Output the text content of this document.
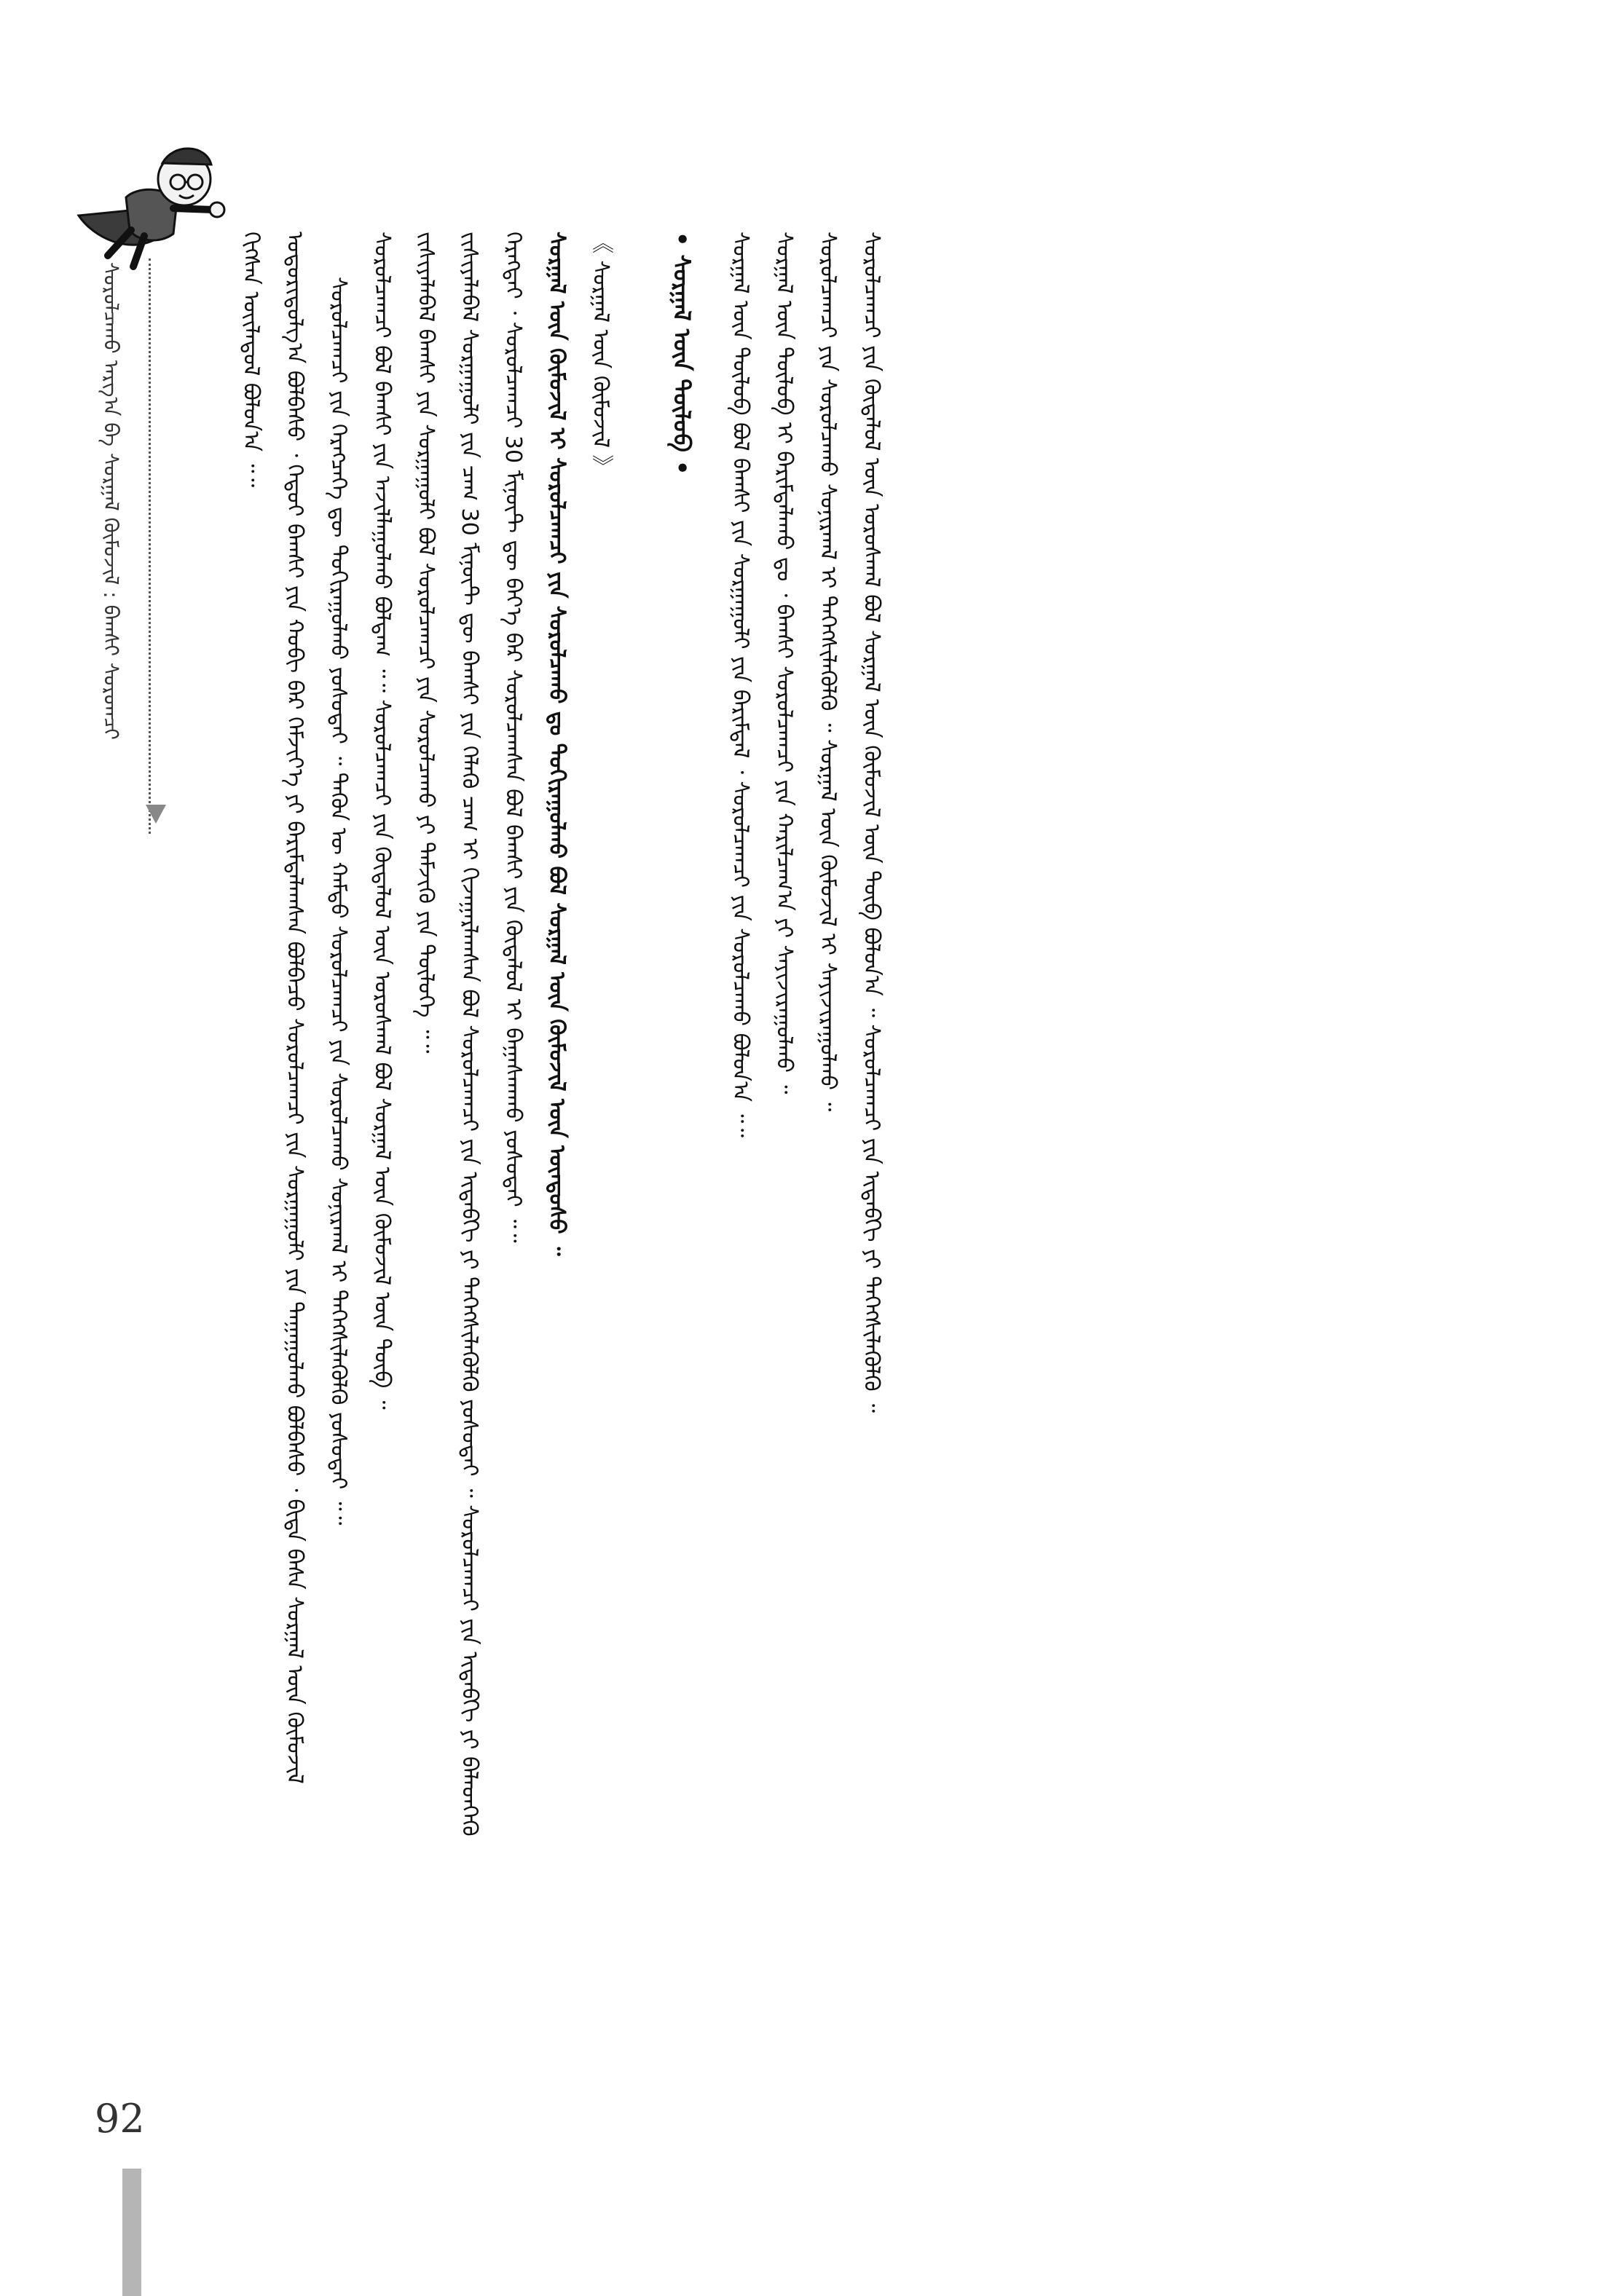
ᠰᠤᠷᠤᠯᠴᠠᠬᠤ ᠠᠷᠭ᠎ᠠ ᠪᠠ ᠰᠤᠷᠭᠠᠯ ᠬᠦᠮᠦᠵᠢᠯ : ᠪᠠᠭᠰᠢ ᠰᠤᠷᠤᠭᠴᠢ	ᠬᠢᠭᠰᠡᠨ ᠦᠢᠯᠡᠳᠦᠯ ᠪᠣᠯᠤᠨ᠎ᠠ ᠃᠃ ᠤᠳᠤᠷᠢᠳᠤᠯᠭ᠎ᠠ ᠪᠣᠯᠪᠠᠰᠤ ᠂ ᠬᠡᠳᠦᠢ ᠪᠠᠭᠰᠢ ᠶᠢᠨ ᠬᠤᠪᠢ ᠪᠡᠷ ᠬᠡᠮᠵᠢᠶ᠎ᠡ ᠶᠢ ᠪᠠᠷᠢᠮᠳᠠᠯᠠᠭᠰᠠᠨ ᠪᠣᠯᠪᠠᠴᠤ ᠰᠤᠷᠤᠯᠴᠠᠭᠴᠢ ᠶᠢᠨ ᠰᠤᠷᠭᠠᠭᠤᠯᠢ ᠶᠢᠨ ᠳᠠᠭᠠᠭᠤᠯᠬᠤ ᠪᠣᠯᠪᠠᠰᠤ ᠂ ᠪᠢᠳᠡ ᠪᠠᠰᠠ ᠰᠤᠷᠭᠠᠯ ᠦᠨ ᠬᠦᠮᠦᠵᠢᠯ ᠰᠤᠷᠤᠯᠴᠠᠭᠴᠢ ᠶᠢᠨ ᠬᠡᠷᠡᠭᠴᠡᠭᠡ ᠳᠦ ᠲᠣᠬᠢᠷᠠᠭᠤᠯᠬᠤ ᠶᠣᠰᠣᠲᠠᠢ ᠃ ᠲᠡᠭᠦᠨ ᠦ ᠬᠠᠮᠲᠤ ᠰᠤᠷᠤᠯᠴᠠᠭᠴᠢ ᠶᠢᠨ ᠰᠤᠷᠤᠯᠴᠠᠬᠤ ᠰᠣᠨᠢᠷᠬᠠᠯ ᠢ ᠳᠡᠭᠡᠭᠰᠢᠯᠡᠭᠦᠯᠬᠦ ᠶᠣᠰᠣᠲᠠᠢ ᠃᠃ ᠰᠤᠷᠤᠯᠴᠠᠭᠴᠢ ᠪᠣᠯ ᠪᠠᠭᠰᠢ ᠶᠢᠨ ᠠᠵᠢᠯᠯᠠᠭᠤᠯᠬᠤ ᠪᠣᠯᠳᠠᠭ ᠃᠃ ᠰᠤᠷᠤᠯᠴᠠᠭᠴᠢ ᠶᠢᠨ ᠬᠦᠳᠡᠯᠦᠯ ᠦᠨ ᠤᠷᠤᠰᠬᠠᠯ ᠪᠣᠯ ᠰᠤᠷᠭᠠᠯ ᠦᠨ ᠬᠦᠮᠦᠵᠢᠯ ᠦᠨ ᠲᠥᠪ ᠃ ᠵᠢᠱᠢᠶᠡᠯᠡᠪᠡᠯ ᠪᠠᠭᠰᠢ ᠶᠢᠨ ᠰᠤᠷᠭᠠᠭᠤᠯᠢ ᠪᠣᠯ ᠰᠤᠷᠤᠯᠴᠠᠭᠴᠢ ᠶᠢᠨ ᠰᠤᠷᠤᠯᠴᠠᠬᠤ ᠶᠢ ᠳᠡᠮᠵᠢᠬᠦ ᠶᠢᠨ ᠲᠥᠯᠦᠭᠡ ᠃᠃ ᠵᠢᠱᠢᠶᠡᠯᠡᠪᠡᠯ ᠰᠤᠷᠭᠠᠭᠤᠯᠢ ᠶᠢᠨ ᠴᠠᠭ 30 ᠮᠢᠨᠦ᠋ᠲ ᠳᠦ ᠪᠠᠭᠰᠢ ᠶᠢᠨ ᠬᠡᠯᠡᠬᠦ ᠴᠠᠭ ᠢ ᠬᠢᠵᠠᠭᠠᠷᠯᠠᠭᠰᠠᠨ ᠪᠣᠯ ᠰᠤᠷᠤᠯᠴᠠᠭᠴᠢ ᠶᠢᠨ ᠢᠳᠡᠪᠬᠢ ᠶᠢ ᠳᠡᠭᠡᠭᠰᠢᠯᠡᠭᠦᠯᠬᠦ ᠶᠣᠰᠣᠲᠠᠢ ᠃ ᠰᠤᠷᠤᠯᠴᠠᠭᠴᠢ ᠶᠢᠨ ᠢᠳᠡᠪᠬᠢ ᠶᠢ ᠪᠡᠯᠡᠳᠬᠡᠬᠦ ᠬᠡᠷᠡᠭᠲᠡᠢ ᠂ ᠰᠤᠷᠤᠯᠴᠠᠭᠴᠢ 30 ᠮᠢᠨᠦ᠋ᠲ ᠳᠦ ᠪᠡᠶ᠎ᠡ ᠪᠡᠷ ᠰᠤᠷᠤᠯᠴᠠᠭᠰᠠᠨ ᠪᠣᠯ ᠪᠠᠭᠰᠢ ᠶᠢᠨ ᠬᠦᠳᠡᠯᠦᠯ ᠢ ᠪᠠᠭᠠᠰᠬᠠᠬᠤ ᠶᠣᠰᠣᠲᠠᠢ ᠃᠃ ᠰᠤᠷᠭᠠᠯ ᠦᠨ ᠬᠦᠮᠦᠵᠢᠯ ᠢ ᠰᠤᠷᠤᠯᠴᠠᠭᠴᠢ ᠶᠢᠨ ᠰᠤᠷᠤᠯᠴᠠᠬᠤ ᠳᠤ ᠲᠣᠬᠢᠷᠠᠭᠤᠯᠬᠤ ᠪᠣᠯ ᠰᠤᠷᠭᠠᠯ ᠦᠨ ᠬᠦᠮᠦᠵᠢᠯ ᠦᠨ ᠦᠨᠳᠦᠰᠦ ᠃ 《 ᠰᠤᠷᠭᠠᠯ ᠦᠨ ᠬᠦᠮᠦᠵᠢᠯ 》 • ᠰᠤᠷᠭᠠᠯ ᠦᠨ ᠲᠥᠯᠦᠪ •	ᠰᠤᠷᠭᠠᠯ ᠦᠨ ᠲᠥᠯᠦᠪ ᠪᠣᠯ ᠪᠠᠭᠰᠢ ᠶᠢᠨ ᠰᠤᠷᠭᠠᠭᠤᠯᠢ ᠶᠢᠨ ᠪᠠᠷᠢᠮᠳᠠᠯ ᠂ ᠰᠤᠷᠤᠯᠴᠠᠭᠴᠢ ᠶᠢᠨ ᠰᠤᠷᠤᠯᠴᠠᠬᠤ ᠪᠣᠯᠤᠨ᠎ᠠ ᠃᠃ ᠰᠤᠷᠭᠠᠯ ᠦᠨ ᠲᠥᠯᠦᠪ ᠢ ᠪᠠᠷᠢᠮᠳᠠᠯᠠᠬᠤ ᠳᠤ ᠂ ᠪᠠᠭᠰᠢ ᠰᠤᠷᠤᠯᠴᠠᠭᠴᠢ ᠶᠢᠨ ᠬᠠᠷᠢᠯᠴᠠᠭ᠎ᠠ ᠶᠢ ᠰᠠᠶᠢᠵᠢᠷᠠᠭᠤᠯᠬᠤ ᠃ ᠰᠤᠷᠤᠯᠴᠠᠭᠴᠢ ᠶᠢᠨ ᠰᠤᠷᠤᠯᠴᠠᠬᠤ ᠰᠣᠨᠢᠷᠬᠠᠯ ᠢ ᠳᠡᠭᠡᠭᠰᠢᠯᠡᠭᠦᠯᠬᠦ ᠃ ᠰᠤᠷᠭᠠᠯ ᠦᠨ ᠬᠦᠮᠦᠵᠢᠯ ᠢ ᠰᠠᠶᠢᠵᠢᠷᠠᠭᠤᠯᠬᠤ ᠃ ᠰᠤᠷᠤᠯᠴᠠᠭᠴᠢ ᠶᠢᠨ ᠬᠦᠳᠡᠯᠦᠯ ᠦᠨ ᠤᠷᠤᠰᠬᠠᠯ ᠪᠣᠯ ᠰᠤᠷᠭᠠᠯ ᠦᠨ ᠬᠦᠮᠦᠵᠢᠯ ᠦᠨ ᠲᠥᠪ ᠪᠣᠯᠤᠨ᠎ᠠ ᠃ ᠰᠤᠷᠤᠯᠴᠠᠭᠴᠢ ᠶᠢᠨ ᠢᠳᠡᠪᠬᠢ ᠶᠢ ᠳᠡᠭᠡᠭᠰᠢᠯᠡᠭᠦᠯᠬᠦ ᠃
92
